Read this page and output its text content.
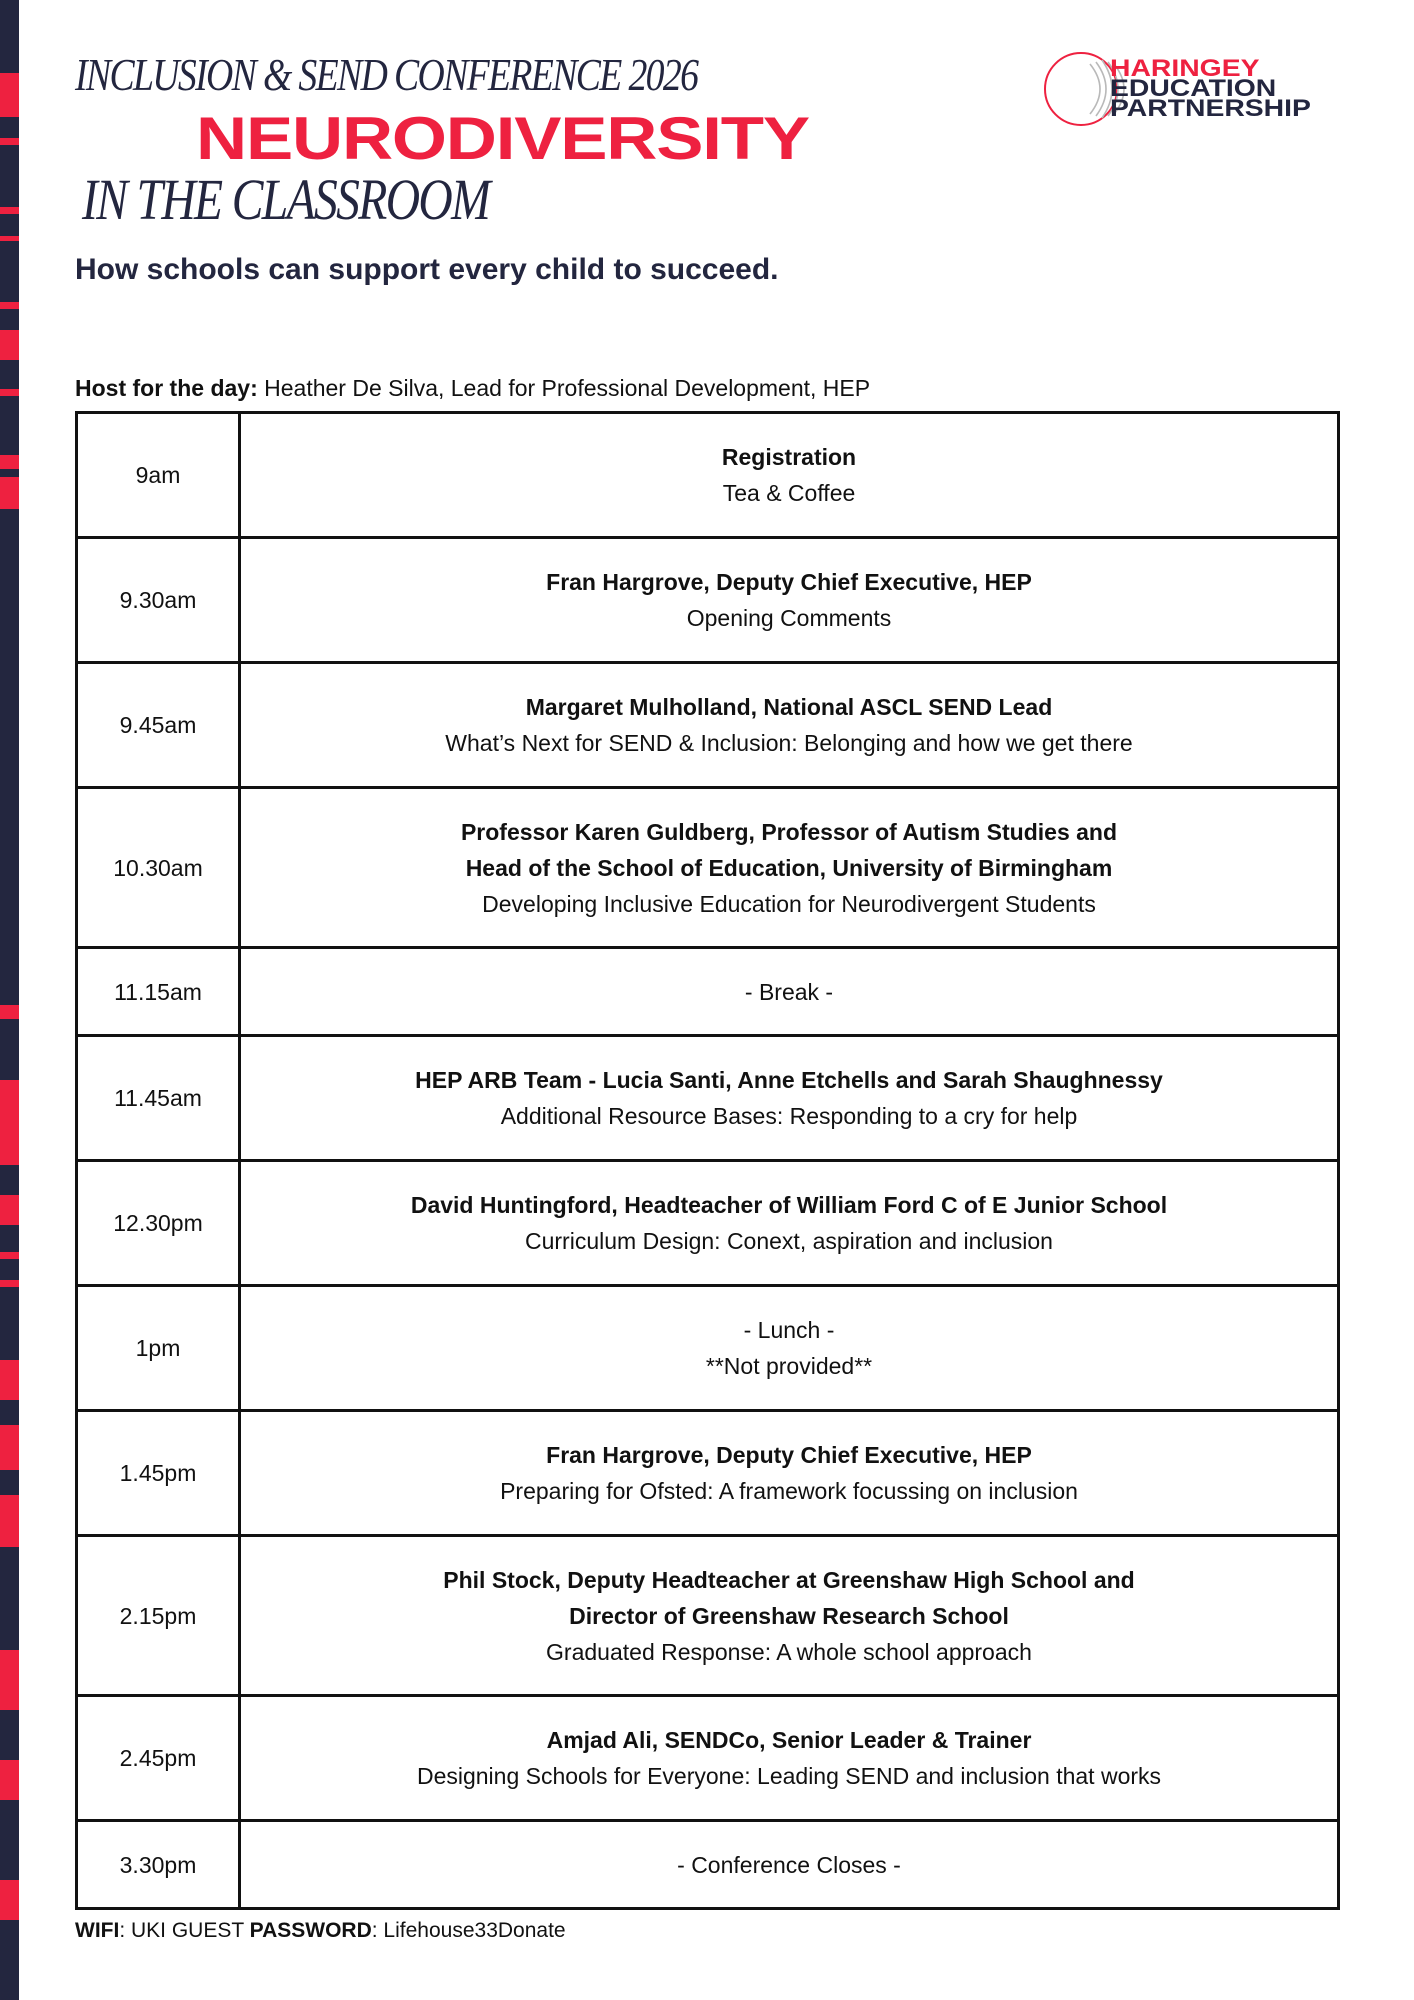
INCLUSION & SEND CONFERENCE 2026
NEURODIVERSITY
IN THE CLASSROOM
How schools can support every child to succeed.
HARINGEY
EDUCATION
PARTNERSHIP
Host for the day: Heather De Silva, Lead for Professional Development, HEP
9am	Registration
Tea & Coffee

9.30am	Fran Hargrove, Deputy Chief Executive, HEP
Opening Comments

9.45am	Margaret Mulholland, National ASCL SEND Lead
What’s Next for SEND & Inclusion: Belonging and how we get there

10.30am	Professor Karen Guldberg, Professor of Autism Studies and
Head of the School of Education, University of Birmingham
Developing Inclusive Education for Neurodivergent Students

11.15am	- Break -

11.45am	HEP ARB Team - Lucia Santi, Anne Etchells and Sarah Shaughnessy
Additional Resource Bases: Responding to a cry for help

12.30pm	David Huntingford, Headteacher of William Ford C of E Junior School
Curriculum Design: Conext, aspiration and inclusion

1pm	- Lunch -
**Not provided**

1.45pm	Fran Hargrove, Deputy Chief Executive, HEP
Preparing for Ofsted: A framework focussing on inclusion

2.15pm	Phil Stock, Deputy Headteacher at Greenshaw High School and
Director of Greenshaw Research School
Graduated Response: A whole school approach

2.45pm	Amjad Ali, SENDCo, Senior Leader & Trainer
Designing Schools for Everyone: Leading SEND and inclusion that works

3.30pm	- Conference Closes -
WIFI: UKI GUEST PASSWORD: Lifehouse33Donate
